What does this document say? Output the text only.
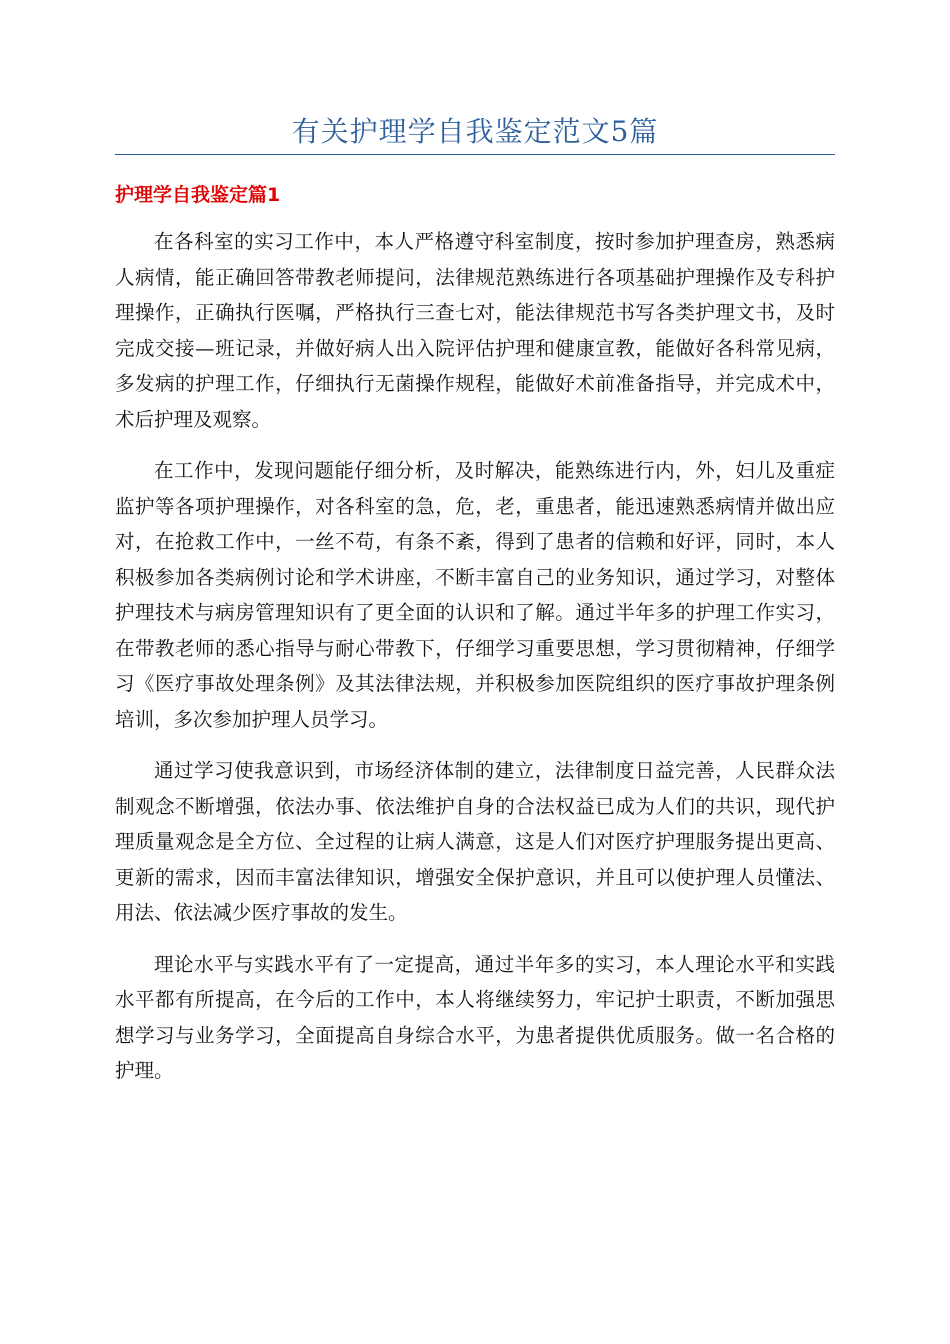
有关护理学自我鉴定范文5篇
护理学自我鉴定篇1

在各科室的实习工作中，本人严格遵守科室制度，按时参加护理查房，熟悉病人病情，能正确回答带教老师提问，法律规范熟练进行各项基础护理操作及专科护理操作，正确执行医嘱，严格执行三查七对，能法律规范书写各类护理文书，及时完成交接—班记录，并做好病人出入院评估护理和健康宣教，能做好各科常见病，多发病的护理工作，仔细执行无菌操作规程，能做好术前准备指导，并完成术中，术后护理及观察。

在工作中，发现问题能仔细分析，及时解决，能熟练进行内，外，妇儿及重症监护等各项护理操作，对各科室的急，危，老，重患者，能迅速熟悉病情并做出应对，在抢救工作中，一丝不苟，有条不紊，得到了患者的信赖和好评，同时，本人积极参加各类病例讨论和学术讲座，不断丰富自己的业务知识，通过学习，对整体护理技术与病房管理知识有了更全面的认识和了解。通过半年多的护理工作实习，在带教老师的悉心指导与耐心带教下，仔细学习重要思想，学习贯彻精神，仔细学习《医疗事故处理条例》及其法律法规，并积极参加医院组织的医疗事故护理条例培训，多次参加护理人员学习。

通过学习使我意识到，市场经济体制的建立，法律制度日益完善，人民群众法制观念不断增强，依法办事、依法维护自身的合法权益已成为人们的共识，现代护理质量观念是全方位、全过程的让病人满意，这是人们对医疗护理服务提出更高、更新的需求，因而丰富法律知识，增强安全保护意识，并且可以使护理人员懂法、用法、依法减少医疗事故的发生。

理论水平与实践水平有了一定提高，通过半年多的实习，本人理论水平和实践水平都有所提高，在今后的工作中，本人将继续努力，牢记护士职责，不断加强思想学习与业务学习，全面提高自身综合水平，为患者提供优质服务。做一名合格的护理。
